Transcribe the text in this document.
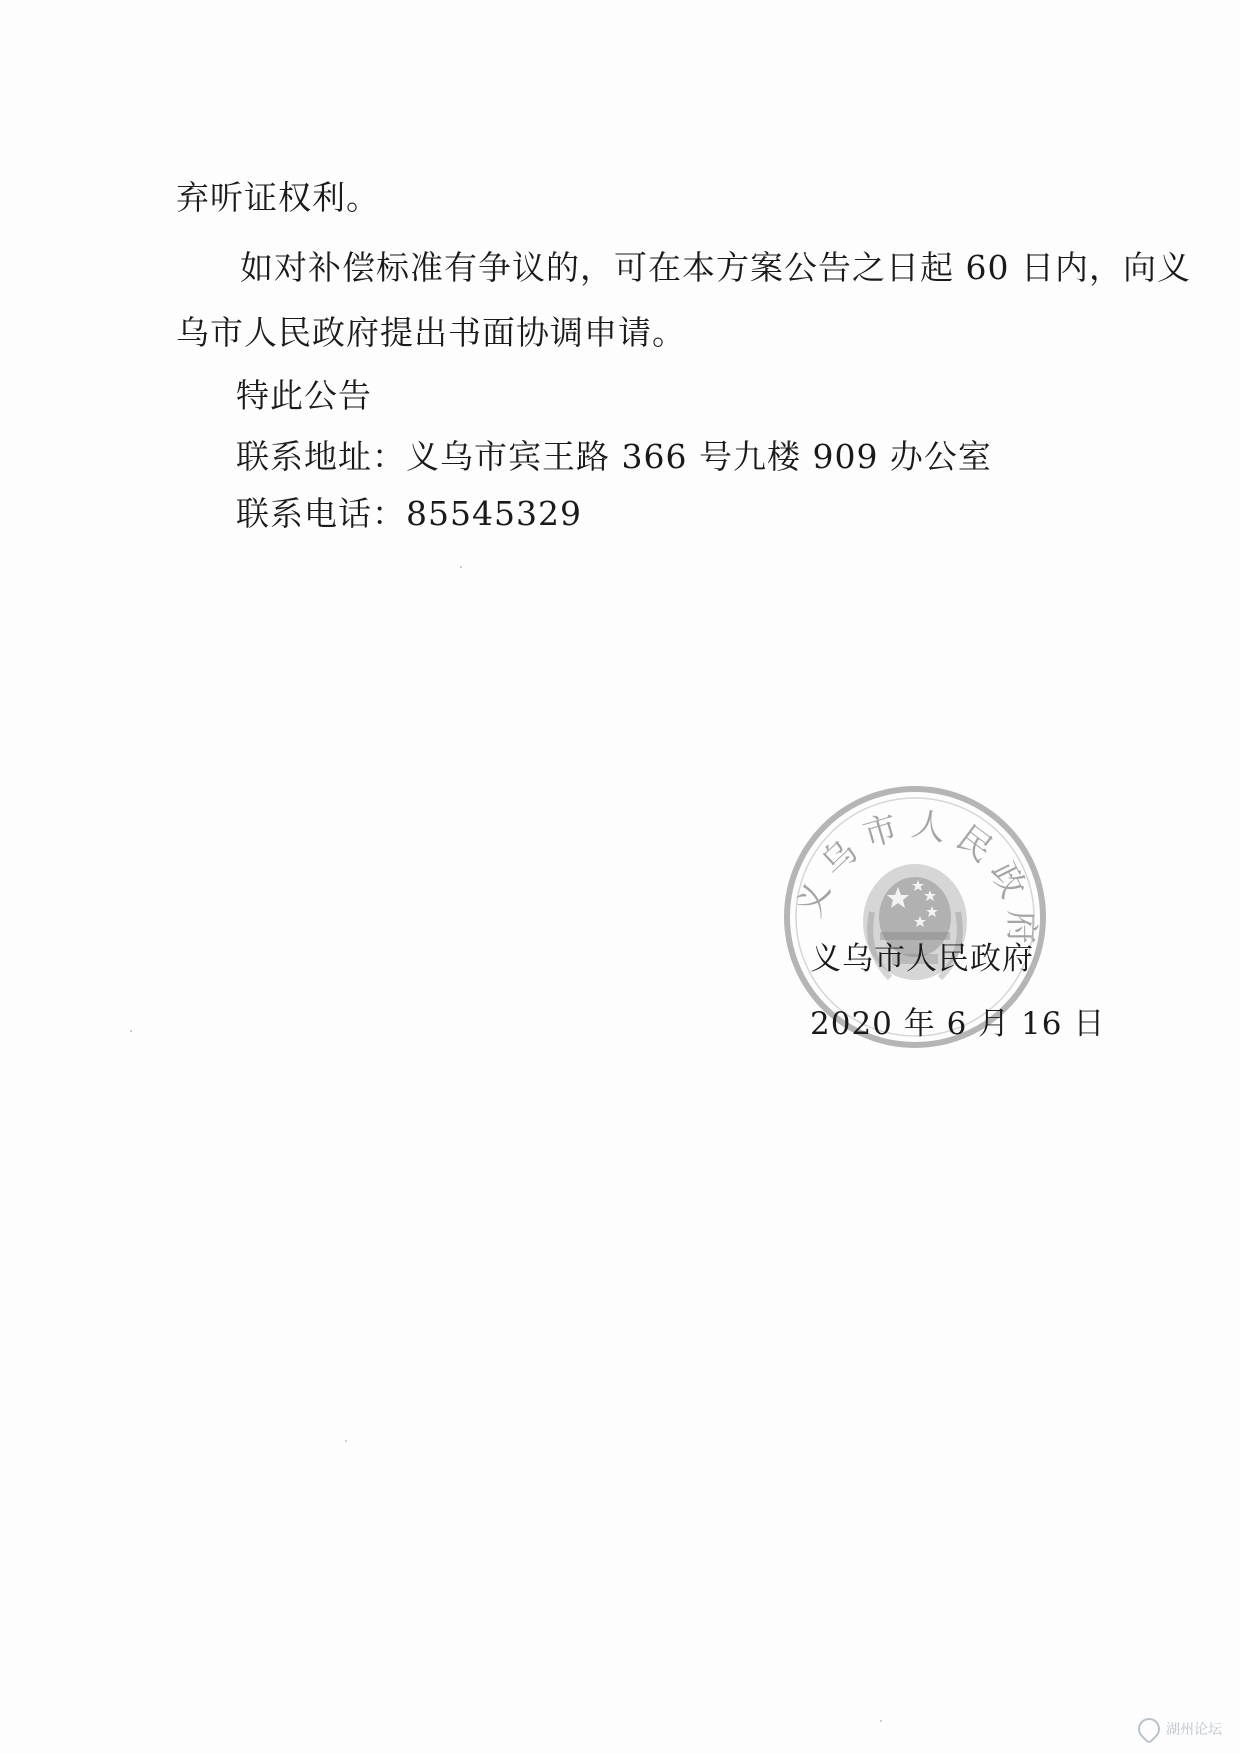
弃听证权利。
如对补偿标准有争议的，可在本方案公告之日起 60 日内，向义
乌市人民政府提出书面协调申请。
特此公告
联系地址：义乌市宾王路 366 号九楼 909 办公室
联系电话：85545329
义乌市人民政府
义乌市人民政府
2020 年 6 月 16 日
湖州论坛
